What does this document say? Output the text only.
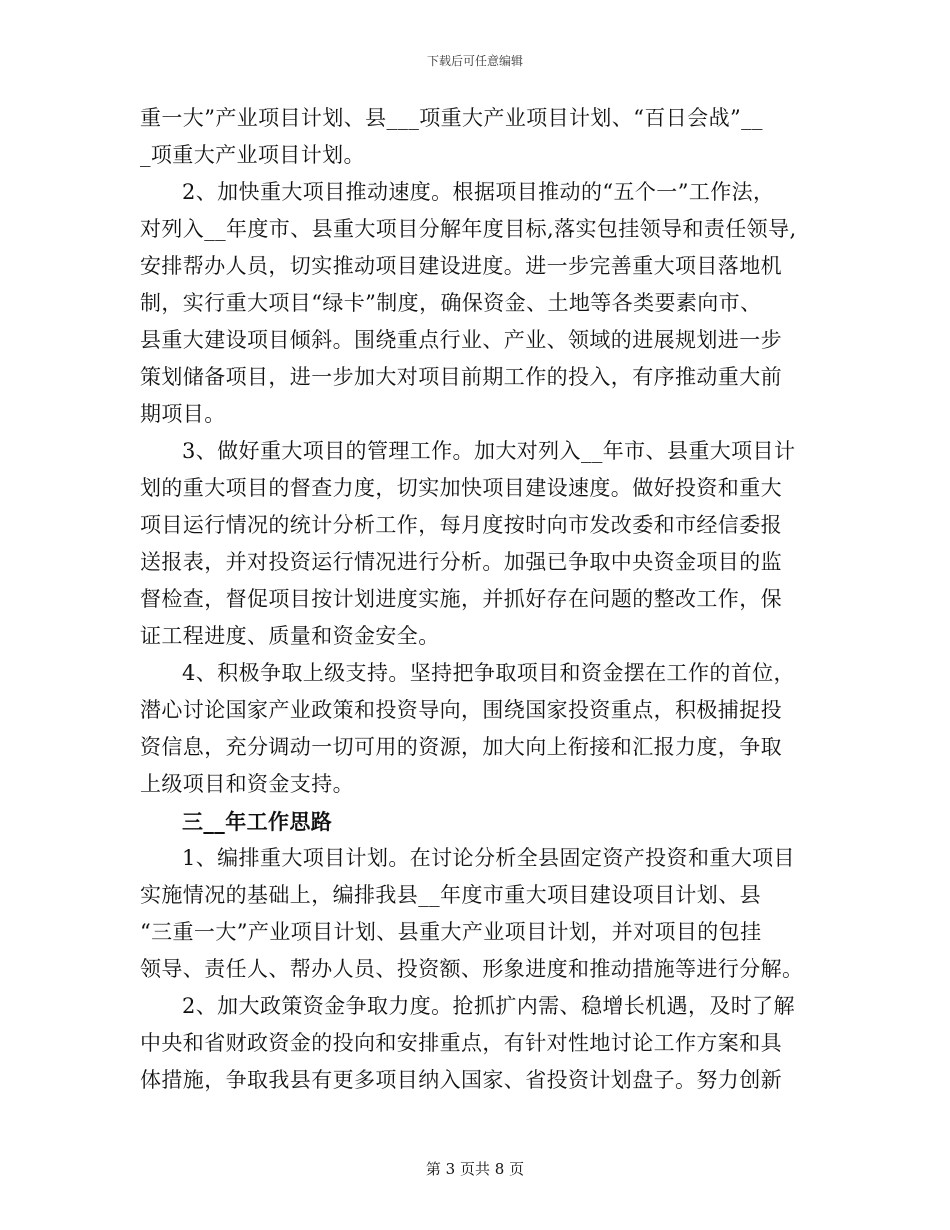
下载后可任意编辑
重一大”产业项目计划、县___项重大产业项目计划、“百日会战”__
_项重大产业项目计划。
2、加快重大项目推动速度。根据项目推动的“五个一”工作法，
对列入__年度市、县重大项目分解年度目标,落实包挂领导和责任领导,
安排帮办人员，切实推动项目建设进度。进一步完善重大项目落地机
制，实行重大项目“绿卡”制度，确保资金、土地等各类要素向市、
县重大建设项目倾斜。围绕重点行业、产业、领域的进展规划进一步
策划储备项目，进一步加大对项目前期工作的投入，有序推动重大前
期项目。
3、做好重大项目的管理工作。加大对列入__年市、县重大项目计
划的重大项目的督查力度，切实加快项目建设速度。做好投资和重大
项目运行情况的统计分析工作，每月度按时向市发改委和市经信委报
送报表，并对投资运行情况进行分析。加强已争取中央资金项目的监
督检查，督促项目按计划进度实施，并抓好存在问题的整改工作，保
证工程进度、质量和资金安全。
4、积极争取上级支持。坚持把争取项目和资金摆在工作的首位，
潜心讨论国家产业政策和投资导向，围绕国家投资重点，积极捕捉投
资信息，充分调动一切可用的资源，加大向上衔接和汇报力度，争取
上级项目和资金支持。
三__年工作思路
1、编排重大项目计划。在讨论分析全县固定资产投资和重大项目
实施情况的基础上，编排我县__年度市重大项目建设项目计划、县
“三重一大”产业项目计划、县重大产业项目计划，并对项目的包挂
领导、责任人、帮办人员、投资额、形象进度和推动措施等进行分解。
2、加大政策资金争取力度。抢抓扩内需、稳增长机遇，及时了解
中央和省财政资金的投向和安排重点，有针对性地讨论工作方案和具
体措施，争取我县有更多项目纳入国家、省投资计划盘子。努力创新
第 3 页共 8 页
